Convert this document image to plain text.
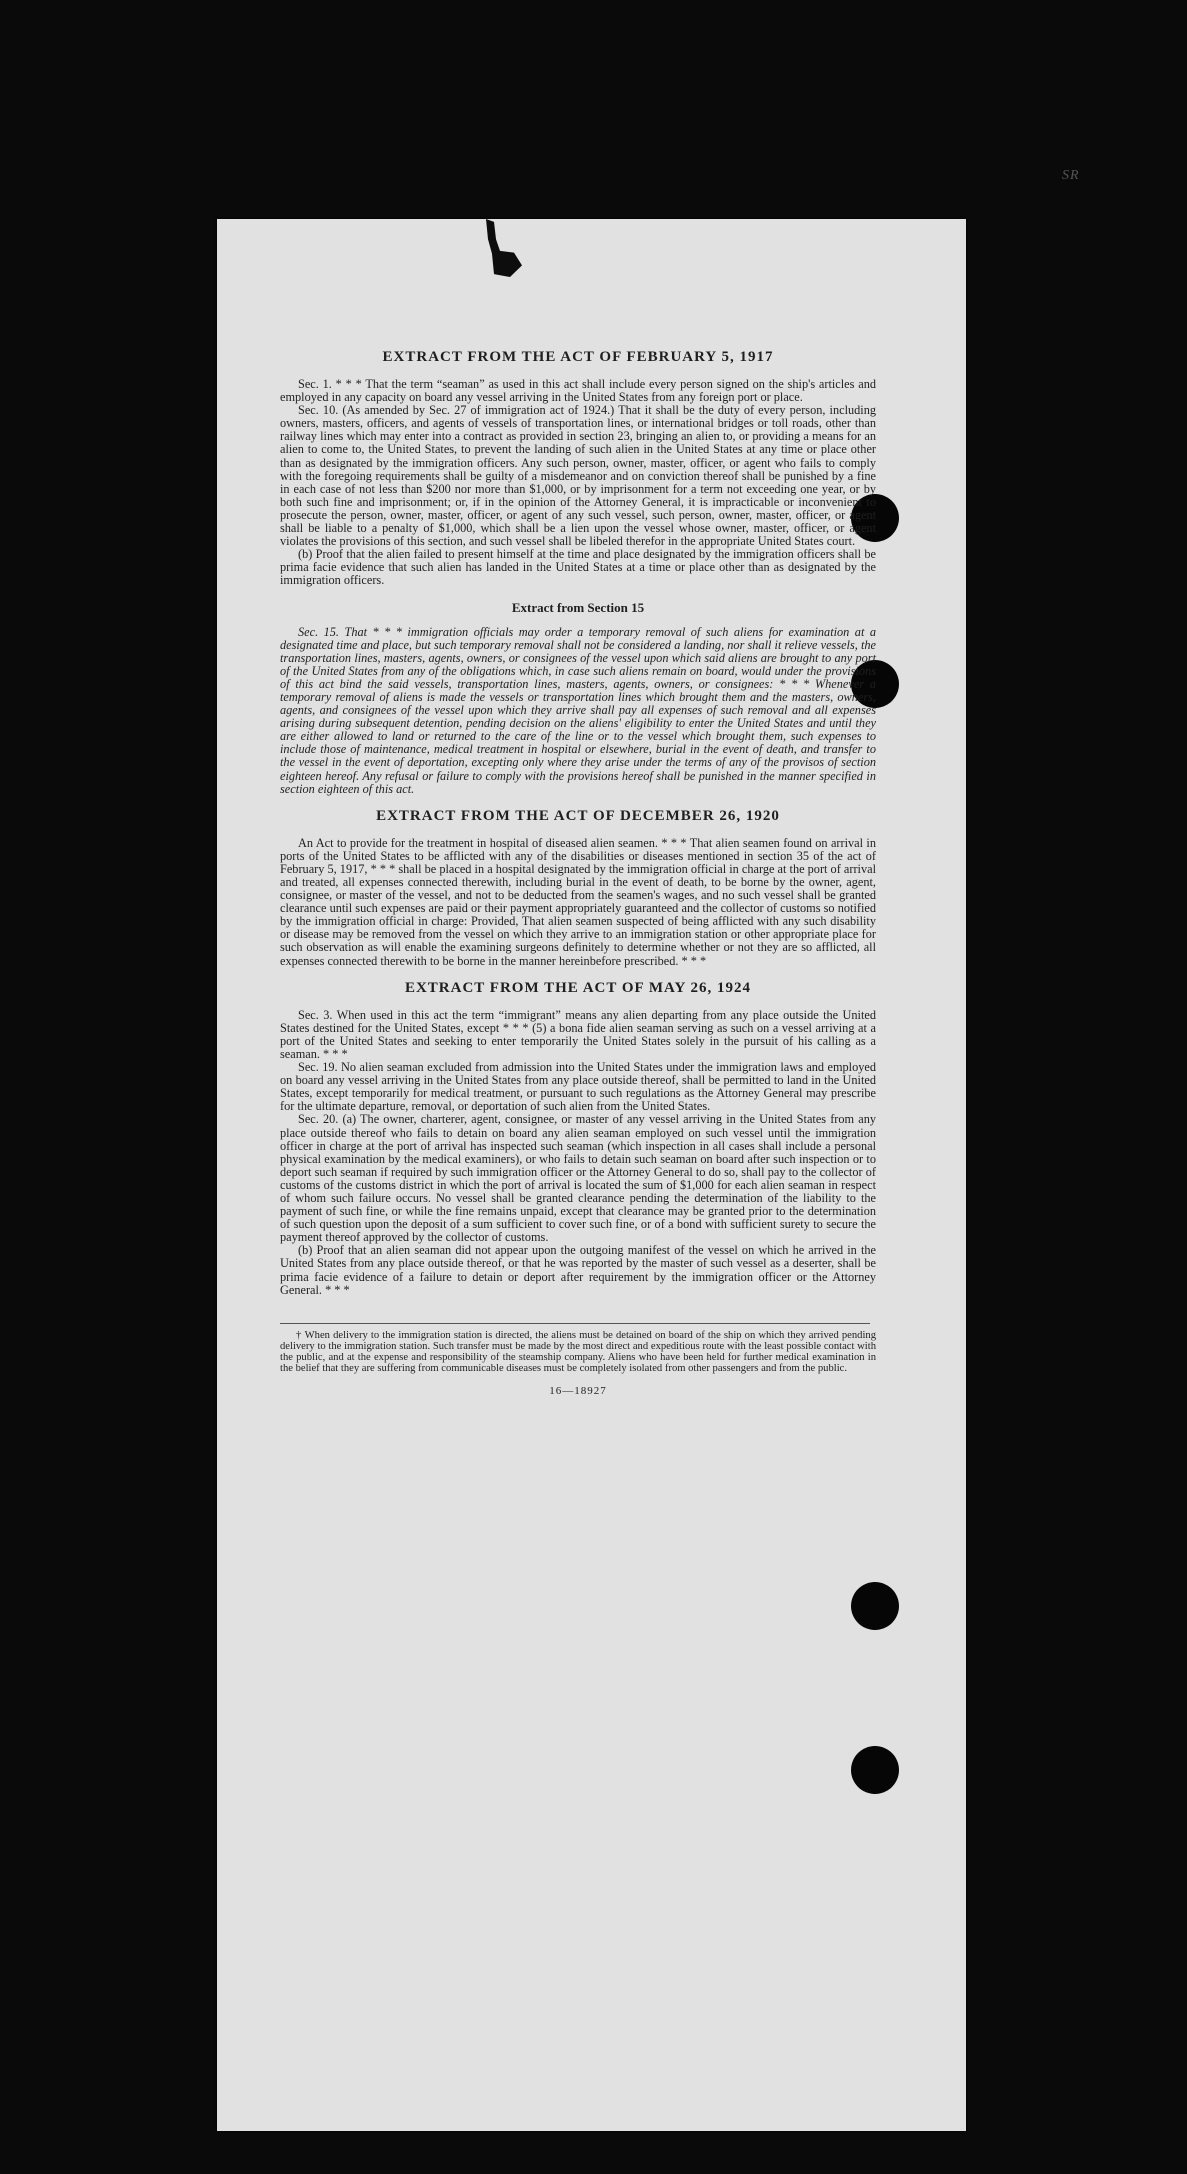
SR
EXTRACT FROM THE ACT OF FEBRUARY 5, 1917

Sec. 1. * * * That the term “seaman” as used in this act shall include every person signed on the ship's articles and employed in any capacity on board any vessel arriving in the United States from any foreign port or place.

Sec. 10. (As amended by Sec. 27 of immigration act of 1924.) That it shall be the duty of every person, including owners, masters, officers, and agents of vessels of transportation lines, or international bridges or toll roads, other than railway lines which may enter into a contract as provided in section 23, bringing an alien to, or providing a means for an alien to come to, the United States, to prevent the landing of such alien in the United States at any time or place other than as designated by the immigration officers. Any such person, owner, master, officer, or agent who fails to comply with the foregoing requirements shall be guilty of a misdemeanor and on conviction thereof shall be punished by a fine in each case of not less than $200 nor more than $1,000, or by imprisonment for a term not exceeding one year, or by both such fine and imprisonment; or, if in the opinion of the Attorney General, it is impracticable or inconvenient to prosecute the person, owner, master, officer, or agent of any such vessel, such person, owner, master, officer, or agent shall be liable to a penalty of $1,000, which shall be a lien upon the vessel whose owner, master, officer, or agent violates the provisions of this section, and such vessel shall be libeled therefor in the appropriate United States court.

(b) Proof that the alien failed to present himself at the time and place designated by the immigration officers shall be prima facie evidence that such alien has landed in the United States at a time or place other than as designated by the immigration officers.

Extract from Section 15

Sec. 15. That * * * immigration officials may order a temporary removal of such aliens for examination at a designated time and place, but such temporary removal shall not be considered a landing, nor shall it relieve vessels, the transportation lines, masters, agents, owners, or consignees of the vessel upon which said aliens are brought to any port of the United States from any of the obligations which, in case such aliens remain on board, would under the provisions of this act bind the said vessels, transportation lines, masters, agents, owners, or consignees: * * * Whenever a temporary removal of aliens is made the vessels or transportation lines which brought them and the masters, owners, agents, and consignees of the vessel upon which they arrive shall pay all expenses of such removal and all expenses arising during subsequent detention, pending decision on the aliens' eligibility to enter the United States and until they are either allowed to land or returned to the care of the line or to the vessel which brought them, such expenses to include those of maintenance, medical treatment in hospital or elsewhere, burial in the event of death, and transfer to the vessel in the event of deportation, excepting only where they arise under the terms of any of the provisos of section eighteen hereof. Any refusal or failure to comply with the provisions hereof shall be punished in the manner specified in section eighteen of this act.

EXTRACT FROM THE ACT OF DECEMBER 26, 1920

An Act to provide for the treatment in hospital of diseased alien seamen. * * * That alien seamen found on arrival in ports of the United States to be afflicted with any of the disabilities or diseases mentioned in section 35 of the act of February 5, 1917, * * * shall be placed in a hospital designated by the immigration official in charge at the port of arrival and treated, all expenses connected therewith, including burial in the event of death, to be borne by the owner, agent, consignee, or master of the vessel, and not to be deducted from the seamen's wages, and no such vessel shall be granted clearance until such expenses are paid or their payment appropriately guaranteed and the collector of customs so notified by the immigration official in charge: Provided, That alien seamen suspected of being afflicted with any such disability or disease may be removed from the vessel on which they arrive to an immigration station or other appropriate place for such observation as will enable the examining surgeons definitely to determine whether or not they are so afflicted, all expenses connected therewith to be borne in the manner hereinbefore prescribed. * * *

EXTRACT FROM THE ACT OF MAY 26, 1924

Sec. 3. When used in this act the term “immigrant” means any alien departing from any place outside the United States destined for the United States, except * * * (5) a bona fide alien seaman serving as such on a vessel arriving at a port of the United States and seeking to enter temporarily the United States solely in the pursuit of his calling as a seaman. * * *

Sec. 19. No alien seaman excluded from admission into the United States under the immigration laws and employed on board any vessel arriving in the United States from any place outside thereof, shall be permitted to land in the United States, except temporarily for medical treatment, or pursuant to such regulations as the Attorney General may prescribe for the ultimate departure, removal, or deportation of such alien from the United States.

Sec. 20. (a) The owner, charterer, agent, consignee, or master of any vessel arriving in the United States from any place outside thereof who fails to detain on board any alien seaman employed on such vessel until the immigration officer in charge at the port of arrival has inspected such seaman (which inspection in all cases shall include a personal physical examination by the medical examiners), or who fails to detain such seaman on board after such inspection or to deport such seaman if required by such immigration officer or the Attorney General to do so, shall pay to the collector of customs of the customs district in which the port of arrival is located the sum of $1,000 for each alien seaman in respect of whom such failure occurs. No vessel shall be granted clearance pending the determination of the liability to the payment of such fine, or while the fine remains unpaid, except that clearance may be granted prior to the determination of such question upon the deposit of a sum sufficient to cover such fine, or of a bond with sufficient surety to secure the payment thereof approved by the collector of customs.

(b) Proof that an alien seaman did not appear upon the outgoing manifest of the vessel on which he arrived in the United States from any place outside thereof, or that he was reported by the master of such vessel as a deserter, shall be prima facie evidence of a failure to detain or deport after requirement by the immigration officer or the Attorney General. * * *

† When delivery to the immigration station is directed, the aliens must be detained on board of the ship on which they arrived pending delivery to the immigration station. Such transfer must be made by the most direct and expeditious route with the least possible contact with the public, and at the expense and responsibility of the steamship company. Aliens who have been held for further medical examination in the belief that they are suffering from communicable diseases must be completely isolated from other passengers and from the public.

16—18927
